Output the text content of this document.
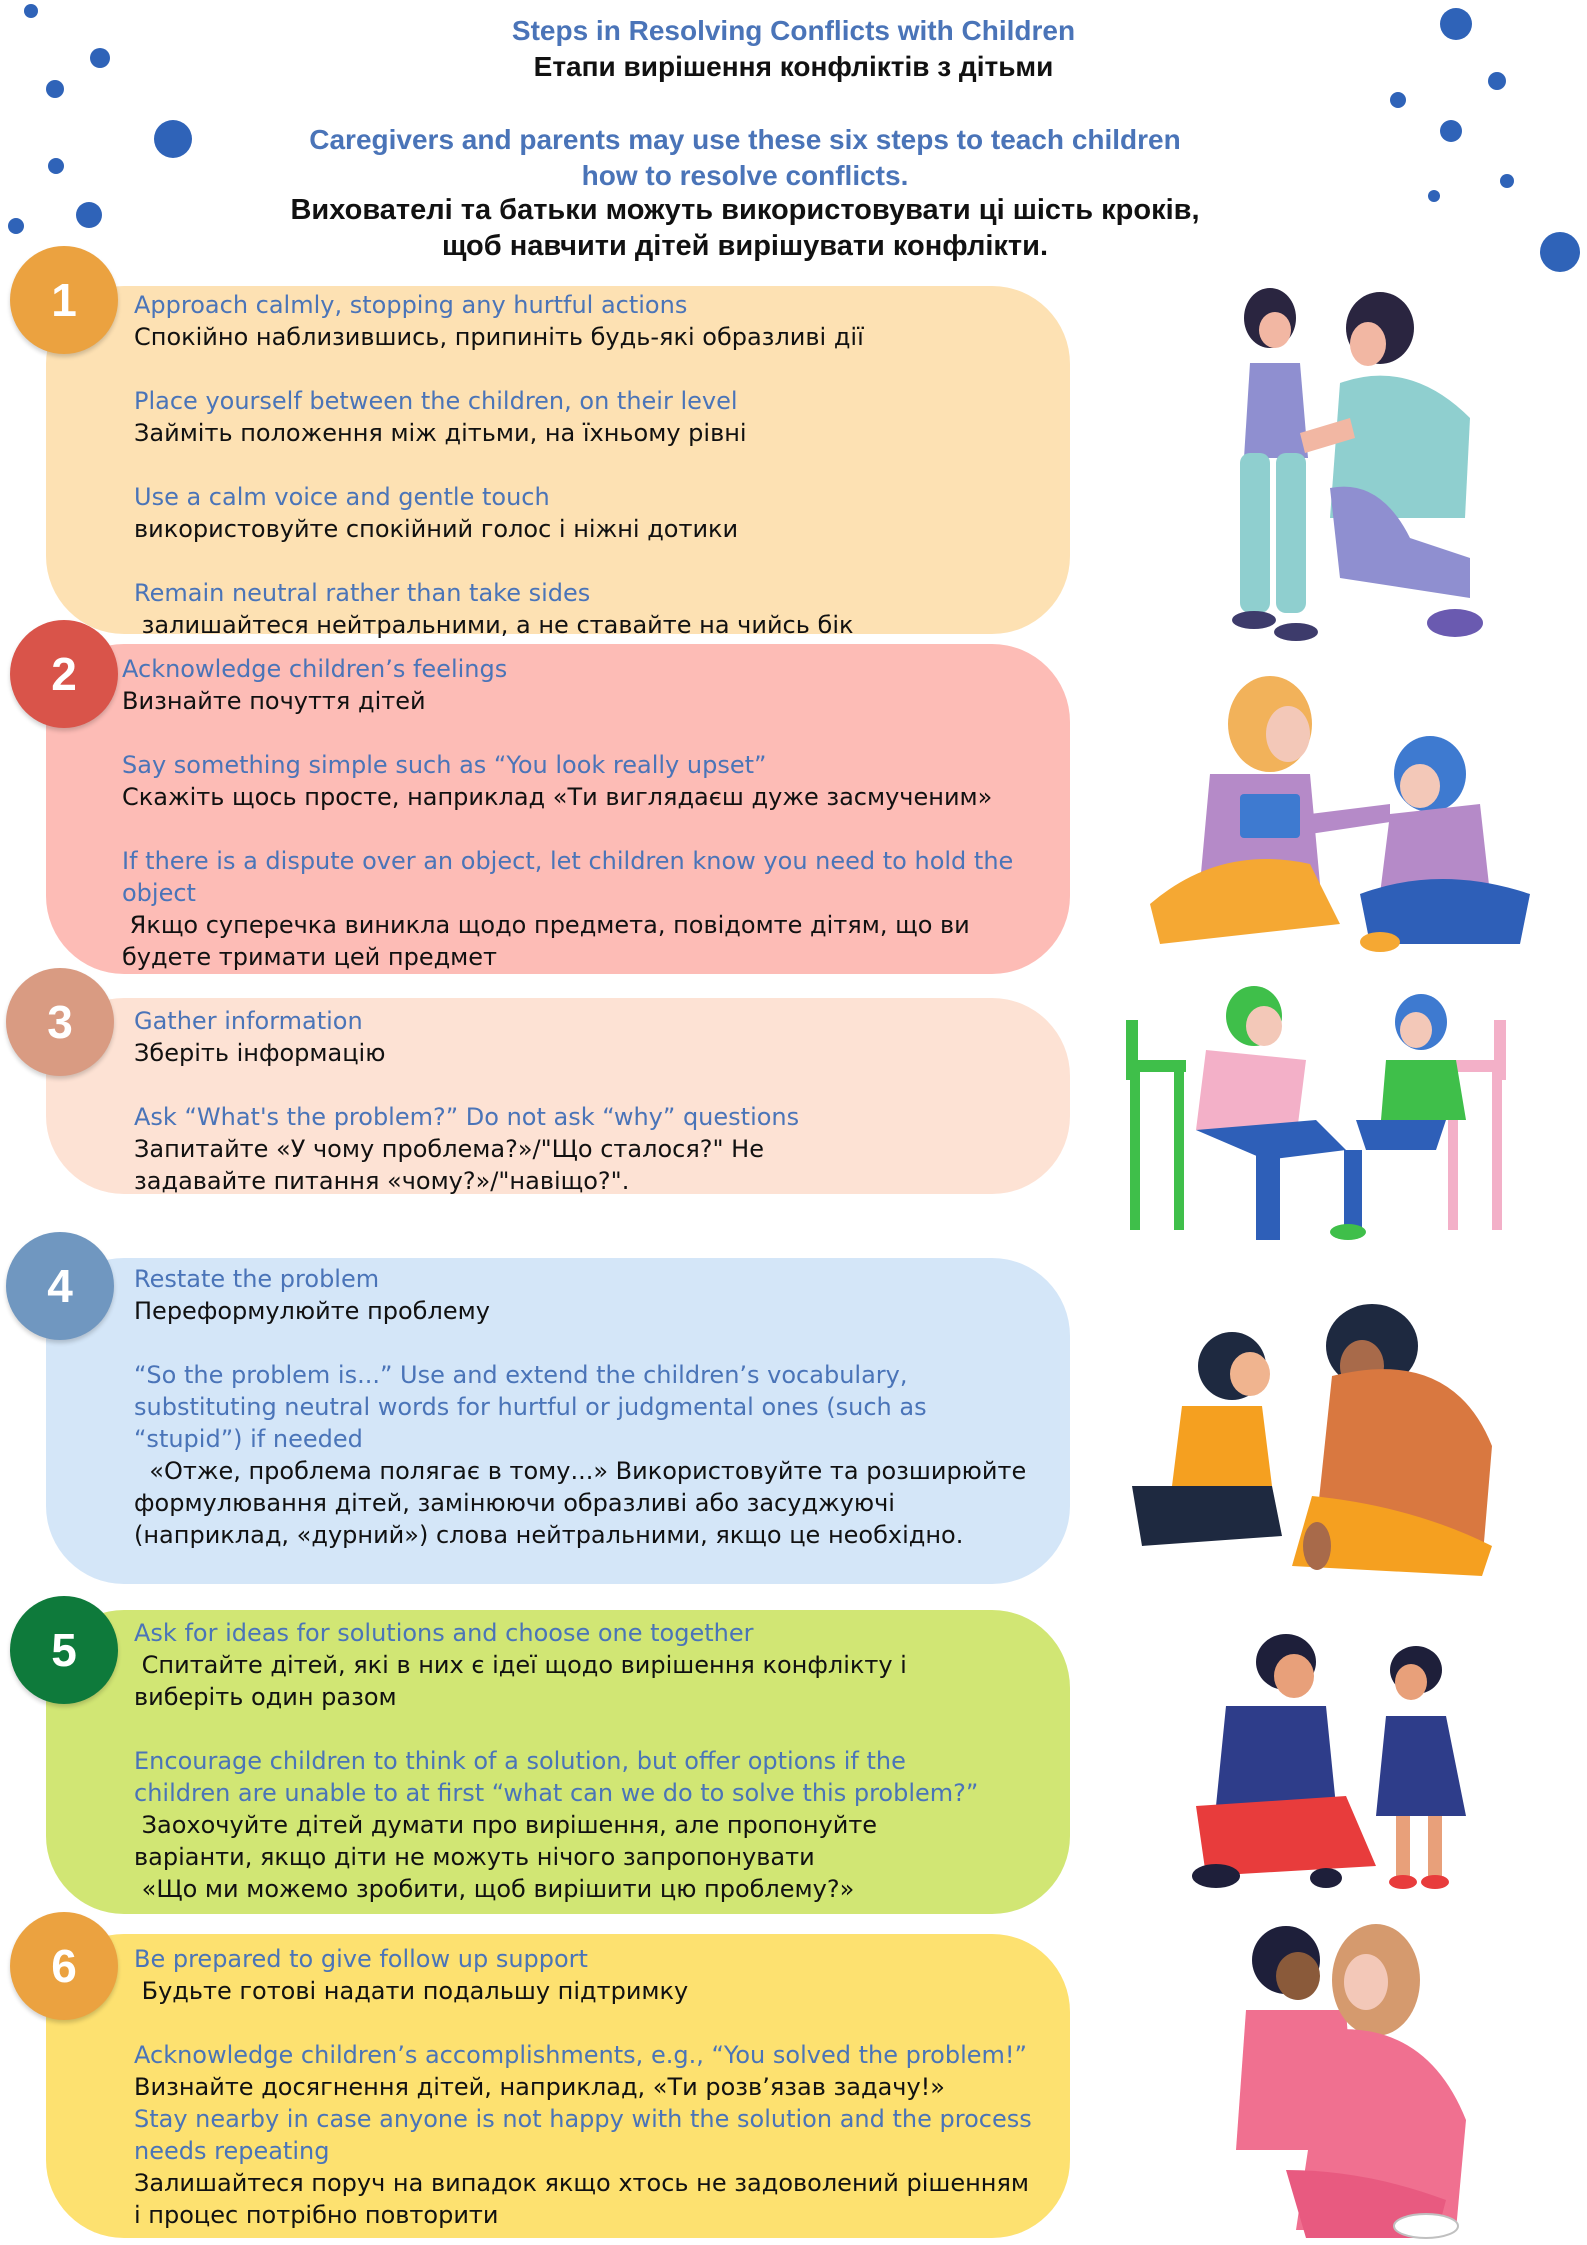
Steps in Resolving Conflicts with Children
Етапи вирішення конфліктів з дітьми
Caregivers and parents may use these six steps to teach children how to resolve conflicts.
Вихователі та батьки можуть використовувати ці шість кроків, щоб навчити дітей вирішувати конфлікти.
1	Approach calmly, stopping any hurtful actions
Спокійно наблизившись, припиніть будь-які образливі дії
Place yourself between the children, on their level
Займіть положення між дітьми, на їхньому рівні
Use a calm voice and gentle touch
використовуйте спокійний голос і ніжні дотики
Remain neutral rather than take sides
залишайтеся нейтральними, а не ставайте на чийсь бік
2	Acknowledge children’s feelings
Визнайте почуття дітей
Say something simple such as “You look really upset”
Скажіть щось просте, наприклад «Ти виглядаєш дуже засмученим»
If there is a dispute over an object, let children know you need to hold the object
Якщо суперечка виникла щодо предмета, повідомте дітям, що ви будете тримати цей предмет
3	Gather information
Зберіть інформацію
Ask “What's the problem?” Do not ask “why” questions
Запитайте «У чому проблема?»/"Що сталося?" Не задавайте питання «чому?»/"навіщо?".
4	Restate the problem
Переформулюйте проблему
“So the problem is...” Use and extend the children’s vocabulary, substituting neutral words for hurtful or judgmental ones (such as “stupid”) if needed
«Отже, проблема полягає в тому...» Використовуйте та розширюйте формулювання дітей, замінюючи образливі або засуджуючі (наприклад, «дурний») слова нейтральними, якщо це необхідно.
5	Ask for ideas for solutions and choose one together
Спитайте дітей, які в них є ідеї щодо вирішення конфлікту і виберіть один разом
Encourage children to think of a solution, but offer options if the children are unable to at first “what can we do to solve this problem?”
Заохочуйте дітей думати про вирішення, але пропонуйте варіанти, якщо діти не можуть нічого запропонувати
«Що ми можемо зробити, щоб вирішити цю проблему?»
6	Be prepared to give follow up support
Будьте готові надати подальшу підтримку
Acknowledge children’s accomplishments, e.g., “You solved the problem!”
Визнайте досягнення дітей, наприклад, «Ти розв’язав задачу!»
Stay nearby in case anyone is not happy with the solution and the process needs repeating
Залишайтеся поруч на випадок якщо хтось не задоволений рішенням і процес потрібно повторити
